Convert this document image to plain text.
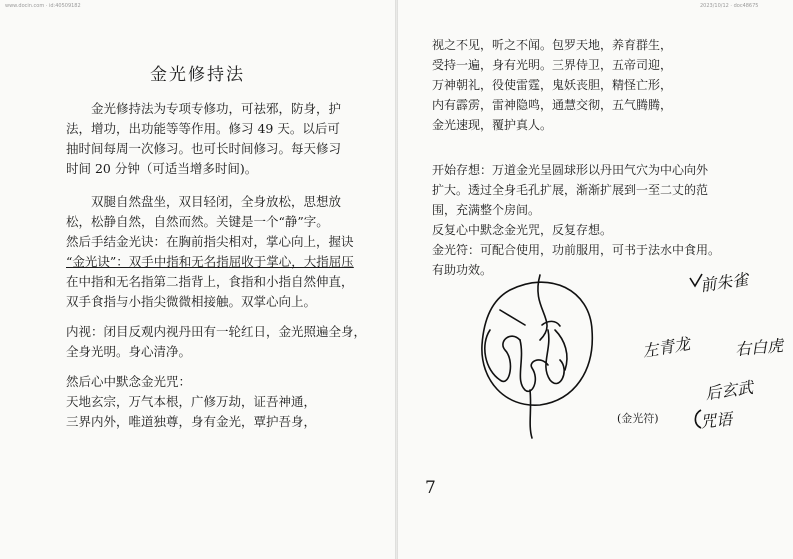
www.docin.com · id:40509182	2023/10/12 · doc48675
金光修持法
　　金光修持法为专项专修功，可祛邪，防身，护
法，增功，出功能等等作用。修习 49 天。以后可
抽时间每周一次修习。也可长时间修习。每天修习
时间 20 分钟（可适当增多时间)。
　　双腿自然盘坐，双目轻闭，全身放松，思想放
松，松静自然，自然而然。关键是一个“静”字。
然后手结金光诀：在胸前指尖相对，掌心向上，握诀
“金光诀”：双手中指和无名指屈收于掌心，大指屈压
在中指和无名指第二指背上，食指和小指自然伸直，
双手食指与小指尖微微相接触。双掌心向上。
内视：闭目反观内视丹田有一轮红日，金光照遍全身，
全身光明。身心清净。
然后心中默念金光咒：
天地玄宗，万气本根，广修万劫，证吾神通，
三界内外，唯道独尊，身有金光，覃护吾身，
视之不见，听之不闻。包罗天地，养育群生，
受持一遍，身有光明。三界侍卫，五帝司迎，
万神朝礼，役使雷霆，鬼妖丧胆，精怪亡形，
内有霹雳，雷神隐鸣，通慧交彻，五气腾腾，
金光速现，覆护真人。
开始存想：万道金光呈圆球形以丹田气穴为中心向外
扩大。透过全身毛孔扩展，渐渐扩展到一至二丈的范
围，充满整个房间。
反复心中默念金光咒，反复存想。
金光符：可配合使用，功前服用，可书于法水中食用。
有助功效。	前朱雀
左青龙	右白虎
后玄武
咒语
(金光符)
7
